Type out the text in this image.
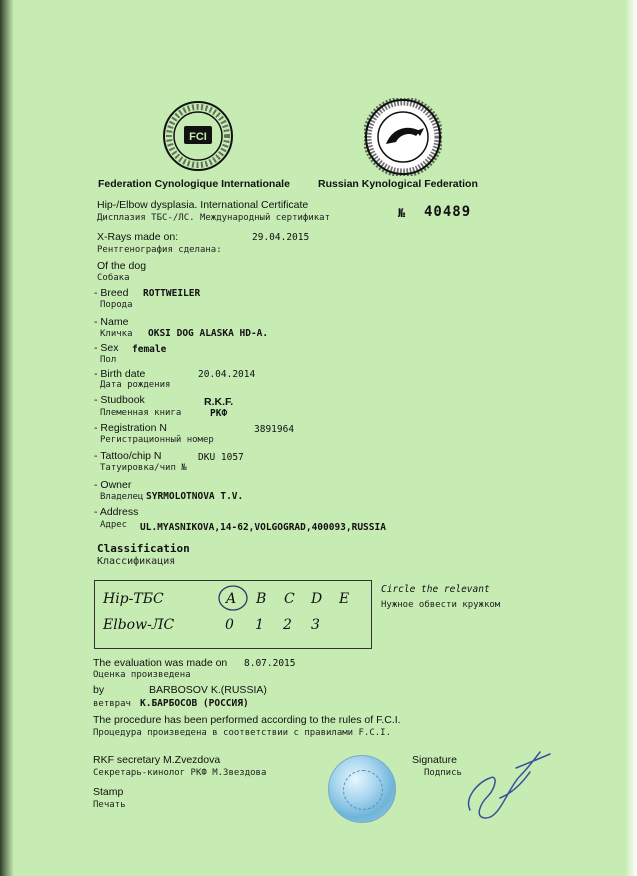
FCI
Federation Cynologique Internationale	Russian Kynological Federation
Hip-/Elbow dysplasia. International Certificate
Дисплазия ТБС-/ЛС. Международный сертификат	№ 40489
X-Rays made on:	29.04.2015
Рентгенография сделана:
Of the dog
Собака
- Breed ROTTWEILER
Порода
- Name
Кличка OKSI DOG ALASKA HD-A.
- Sex female
Пол
- Birth date	20.04.2014
Дата рождения
- Studbook	R.K.F.
Племенная книга	РКФ
- Registration N	3891964
Регистрационный номер
- Tattoo/chip N	DKU 1057
Татуировка/чип №
- Owner
Владелец SYRMOLOTNOVA T.V.
- Address
Адрес UL.MYASNIKOVA,14-62,VOLGOGRAD,400093,RUSSIA
Classification
Классификация
Hip-ТБС	A B C D E
Elbow-ЛС	0 1 2 3
Circle the relevant
Нужное обвести кружком
The evaluation was made on 8.07.2015
Оценка произведена
by	BARBOSOV K.(RUSSIA)
ветврач К.БАРБОСОВ (РОССИЯ)
The procedure has been performed according to the rules of F.C.I.
Процедура произведена в соответствии с правилами F.C.I.
RKF secretary M.Zvezdova
Секретарь-кинолог РКФ М.Звездова
Signature
Подпись
Stamp
Печать
